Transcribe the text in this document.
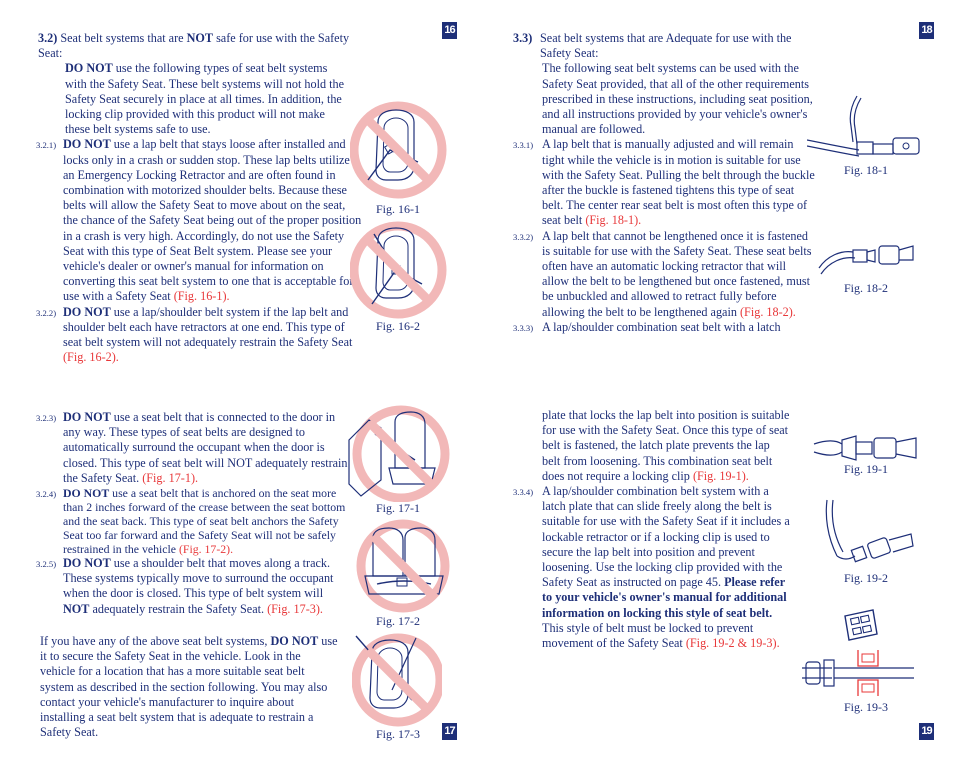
16

3.2) Seat belt systems that are NOT safe for use with the Safety Seat:

DO NOT use the following types of seat belt systems with the Safety Seat. These belt systems will not hold the Safety Seat securely in place at all times. In addition, the locking clip provided with this product will not make these belt systems safe to use.

3.2.1) DO NOT use a lap belt that stays loose after installed and locks only in a crash or sudden stop. These lap belts utilize an Emergency Locking Retractor and are often found in combination with motorized shoulder belts. Because these belts will allow the Safety Seat to move about on the seat, the chance of the Safety Seat being out of the proper position in a crash is very high. Accordingly, do not use the Safety Seat with this type of Seat Belt system. Please see your vehicle's dealer or owner's manual for information on converting this seat belt system to one that is acceptable for use with a Safety Seat (Fig. 16-1).

3.2.2) DO NOT use a lap/shoulder belt system if the lap belt and shoulder belt each have retractors at one end. This type of seat belt system will not adequately restrain the Safety Seat (Fig. 16-2).

Fig. 16-1
Fig. 16-2
18

3.3) Seat belt systems that are Adequate for use with the Safety Seat:

The following seat belt systems can be used with the Safety Seat provided, that all of the other requirements prescribed in these instructions, including seat position, and all instructions provided by your vehicle's owner's manual are followed.

3.3.1) A lap belt that is manually adjusted and will remain tight while the vehicle is in motion is suitable for use with the Safety Seat. Pulling the belt through the buckle after the buckle is fastened tightens this type of seat belt. The center rear seat belt is most often this type of seat belt (Fig. 18-1).

3.3.2) A lap belt that cannot be lengthened once it is fastened is suitable for use with the Safety Seat. These seat belts often have an automatic locking retractor that will allow the belt to be lengthened but once fastened, must be unbuckled and allowed to retract fully before allowing the belt to be lengthened again (Fig. 18-2).

3.3.3) A lap/shoulder combination seat belt with a latch

Fig. 18-1
Fig. 18-2
17

3.2.3) DO NOT use a seat belt that is connected to the door in any way. These types of seat belts are designed to automatically surround the occupant when the door is closed. This type of seat belt will NOT adequately restrain the Safety Seat. (Fig. 17-1).

3.2.4) DO NOT use a seat belt that is anchored on the seat more than 2 inches forward of the crease between the seat bottom and the seat back. This type of seat belt anchors the Safety Seat too far forward and the Safety Seat will not be safely restrained in the vehicle (Fig. 17-2).

3.2.5) DO NOT use a shoulder belt that moves along a track. These systems typically move to surround the occupant when the door is closed. This type of belt system will NOT adequately restrain the Safety Seat. (Fig. 17-3).

If you have any of the above seat belt systems, DO NOT use it to secure the Safety Seat in the vehicle. Look in the vehicle for a location that has a more suitable seat belt system as described in the section following. You may also contact your vehicle's manufacturer to inquire about installing a seat belt system that is adequate to restrain a Safety Seat.

Fig. 17-1
Fig. 17-2
Fig. 17-3	19

plate that locks the lap belt into position is suitable for use with the Safety Seat. Once this type of seat belt is fastened, the latch plate prevents the lap belt from loosening. This combination seat belt does not require a locking clip (Fig. 19-1).

3.3.4) A lap/shoulder combination belt system with a latch plate that can slide freely along the belt is suitable for use with the Safety Seat if it includes a lockable retractor or if a locking clip is used to secure the lap belt into position and prevent loosening. Use the locking clip provided with the Safety Seat as instructed on page 45. Please refer to your vehicle's owner's manual for additional information on locking this style of seat belt. This style of belt must be locked to prevent movement of the Safety Seat (Fig. 19-2 & 19-3).

Fig. 19-1
Fig. 19-2
Fig. 19-3
